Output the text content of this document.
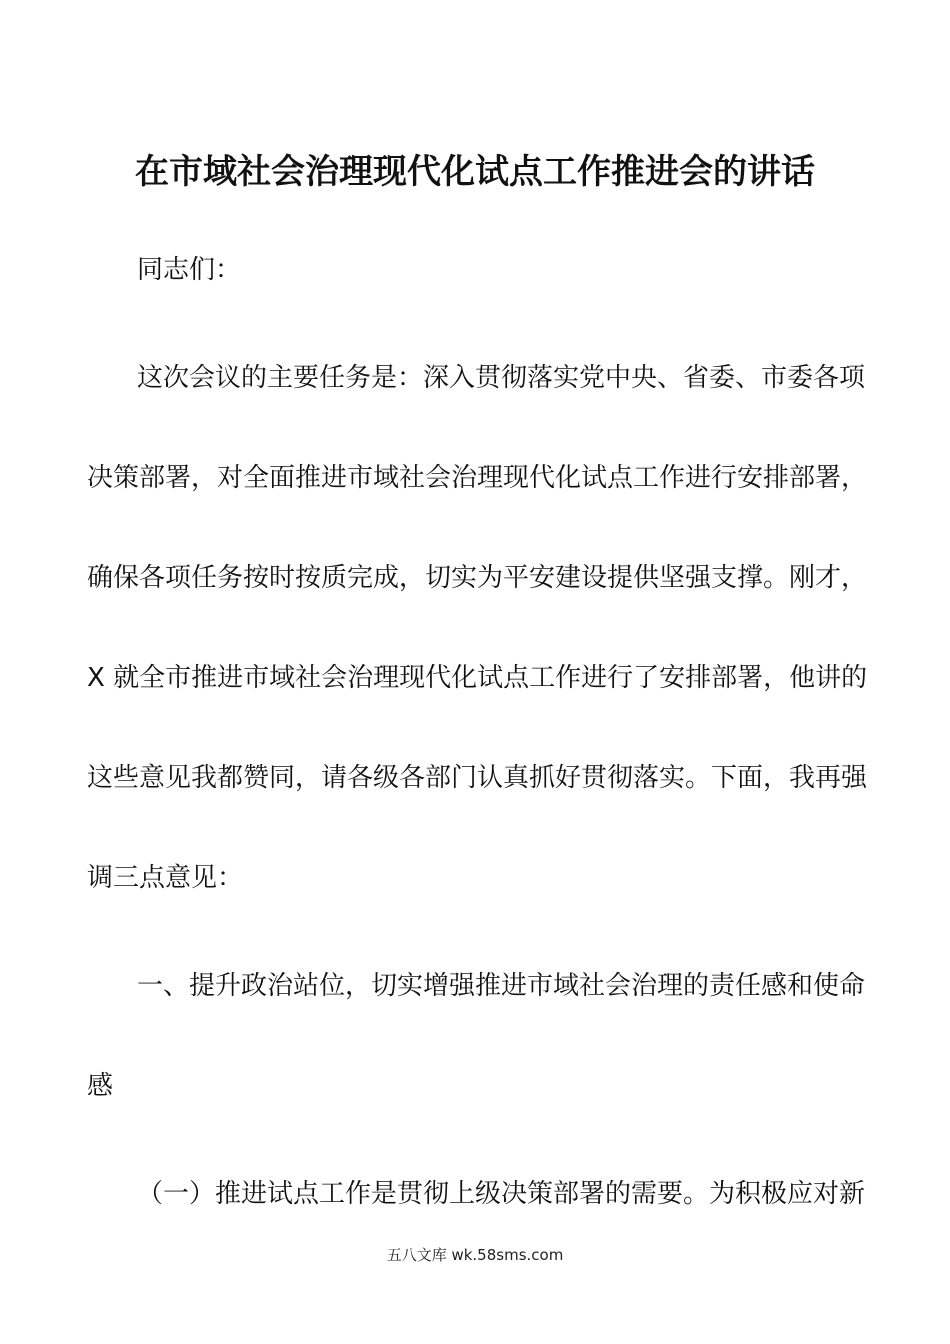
在市域社会治理现代化试点工作推进会的讲话
同志们：
这次会议的主要任务是：深入贯彻落实党中央、省委、市委各项
决策部署，对全面推进市域社会治理现代化试点工作进行安排部署，
确保各项任务按时按质完成，切实为平安建设提供坚强支撑。刚才，
X 就全市推进市域社会治理现代化试点工作进行了安排部署，他讲的
这些意见我都赞同，请各级各部门认真抓好贯彻落实。下面，我再强
调三点意见：
一、提升政治站位，切实增强推进市域社会治理的责任感和使命
感
（一）推进试点工作是贯彻上级决策部署的需要。为积极应对新
五八文库 wk.58sms.com
